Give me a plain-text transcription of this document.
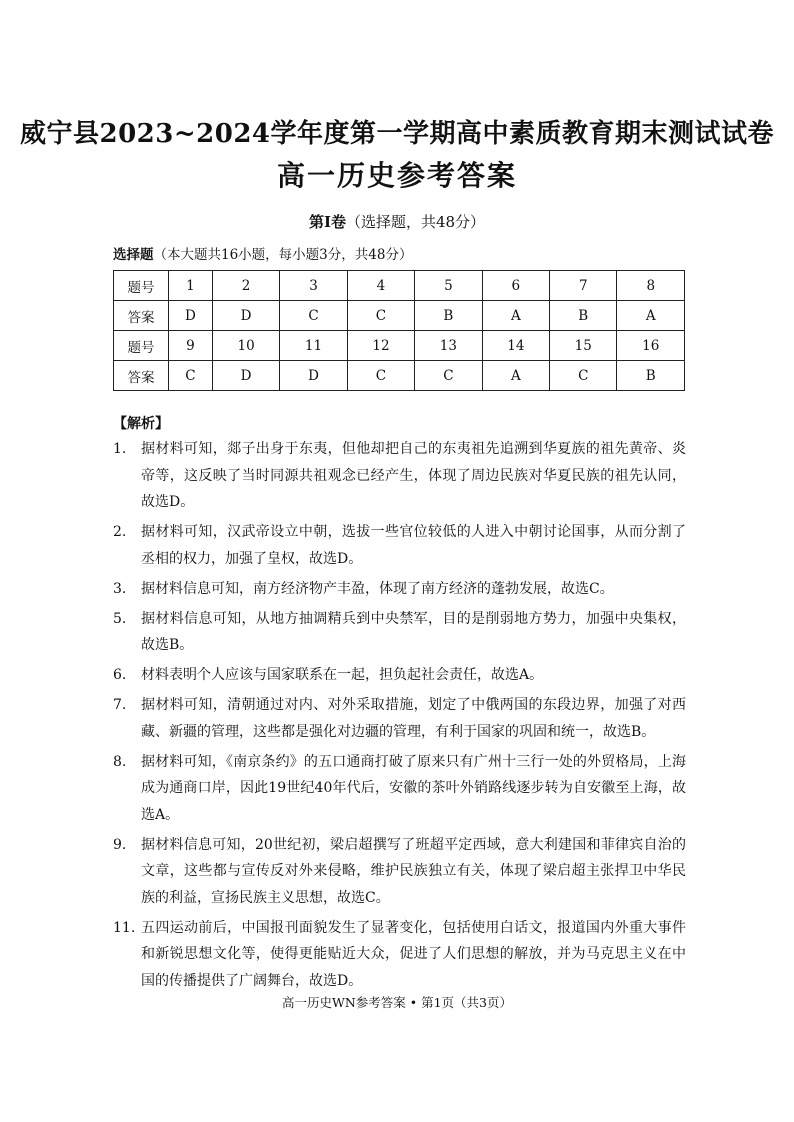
威宁县2023~2024学年度第一学期高中素质教育期末测试试卷
高一历史参考答案
第Ⅰ卷（选择题，共48分）
选择题（本大题共16小题，每小题3分，共48分）
题号	1	2	3	4	5	6	7	8
答案	D	D	C	C	B	A	B	A
题号	9	10	11	12	13	14	15	16
答案	C	D	D	C	C	A	C	B
【解析】
1.	据材料可知，郯子出身于东夷，但他却把自己的东夷祖先追溯到华夏族的祖先黄帝、炎帝等，这反映了当时同源共祖观念已经产生，体现了周边民族对华夏民族的祖先认同，故选D。
2.	据材料可知，汉武帝设立中朝，选拔一些官位较低的人进入中朝讨论国事，从而分割了丞相的权力，加强了皇权，故选D。
3.	据材料信息可知，南方经济物产丰盈，体现了南方经济的蓬勃发展，故选C。
5.	据材料信息可知，从地方抽调精兵到中央禁军，目的是削弱地方势力，加强中央集权，故选B。
6.	材料表明个人应该与国家联系在一起，担负起社会责任，故选A。
7.	据材料可知，清朝通过对内、对外采取措施，划定了中俄两国的东段边界，加强了对西藏、新疆的管理，这些都是强化对边疆的管理，有利于国家的巩固和统一，故选B。
8.	据材料可知，《南京条约》的五口通商打破了原来只有广州十三行一处的外贸格局，上海成为通商口岸，因此19世纪40年代后，安徽的茶叶外销路线逐步转为自安徽至上海，故选A。
9.	据材料信息可知，20世纪初，梁启超撰写了班超平定西域，意大利建国和菲律宾自治的文章，这些都与宣传反对外来侵略，维护民族独立有关，体现了梁启超主张捍卫中华民族的利益，宣扬民族主义思想，故选C。
11. 五四运动前后，中国报刊面貌发生了显著变化，包括使用白话文，报道国内外重大事件和新锐思想文化等，使得更能贴近大众，促进了人们思想的解放，并为马克思主义在中国的传播提供了广阔舞台，故选D。
高一历史WN参考答案 • 第1页（共3页）
